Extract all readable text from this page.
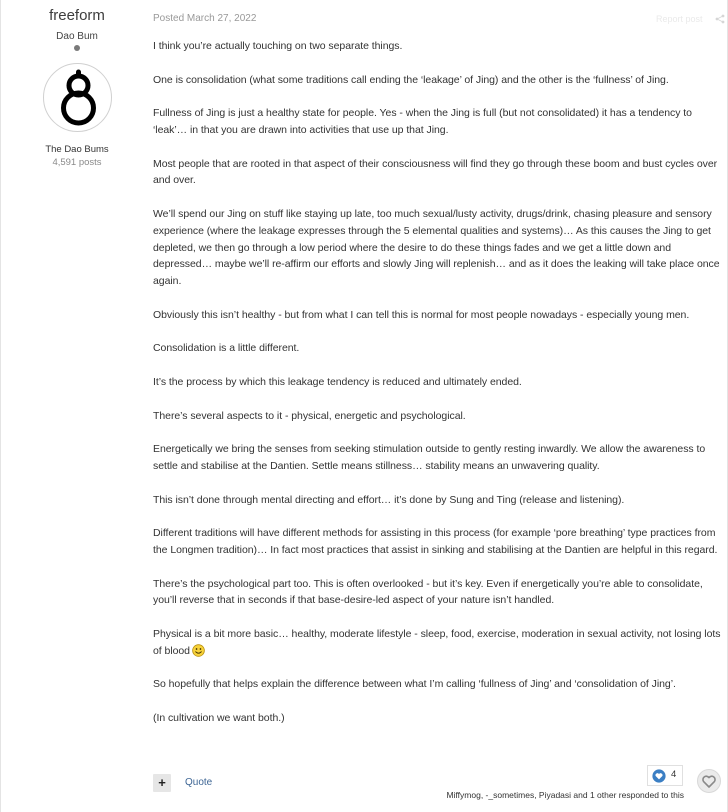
freeform
Dao Bum
The Dao Bums
4,591 posts
Posted March 27, 2022	Report post

I think you’re actually touching on two separate things.

One is consolidation (what some traditions call ending the ‘leakage’ of Jing) and the other is the ‘fullness’ of Jing.

Fullness of Jing is just a healthy state for people. Yes - when the Jing is full (but not consolidated) it has a tendency to ‘leak’… in that you are drawn into activities that use up that Jing.

Most people that are rooted in that aspect of their consciousness will find they go through these boom and bust cycles over and over.

We’ll spend our Jing on stuff like staying up late, too much sexual/lusty activity, drugs/drink, chasing pleasure and sensory experience (where the leakage expresses through the 5 elemental qualities and systems)… As this causes the Jing to get depleted, we then go through a low period where the desire to do these things fades and we get a little down and depressed… maybe we’ll re-affirm our efforts and slowly Jing will replenish… and as it does the leaking will take place once again.

Obviously this isn’t healthy - but from what I can tell this is normal for most people nowadays - especially young men.

Consolidation is a little different.

It’s the process by which this leakage tendency is reduced and ultimately ended.

There’s several aspects to it - physical, energetic and psychological.

Energetically we bring the senses from seeking stimulation outside to gently resting inwardly. We allow the awareness to settle and stabilise at the Dantien. Settle means stillness… stability means an unwavering quality.

This isn’t done through mental directing and effort… it’s done by Sung and Ting (release and listening).

Different traditions will have different methods for assisting in this process (for example ‘pore breathing’ type practices from the Longmen tradition)… In fact most practices that assist in sinking and stabilising at the Dantien are helpful in this regard.

There’s the psychological part too. This is often overlooked - but it’s key. Even if energetically you’re able to consolidate, you’ll reverse that in seconds if that base-desire-led aspect of your nature isn’t handled.

Physical is a bit more basic… healthy, moderate lifestyle - sleep, food, exercise, moderation in sexual activity, not losing lots of blood

So hopefully that helps explain the difference between what I’m calling ‘fullness of Jing’ and ‘consolidation of Jing’.

(In cultivation we want both.)

+	Quote
4
Miffymog, -_sometimes, Piyadasi and 1 other responded to this
